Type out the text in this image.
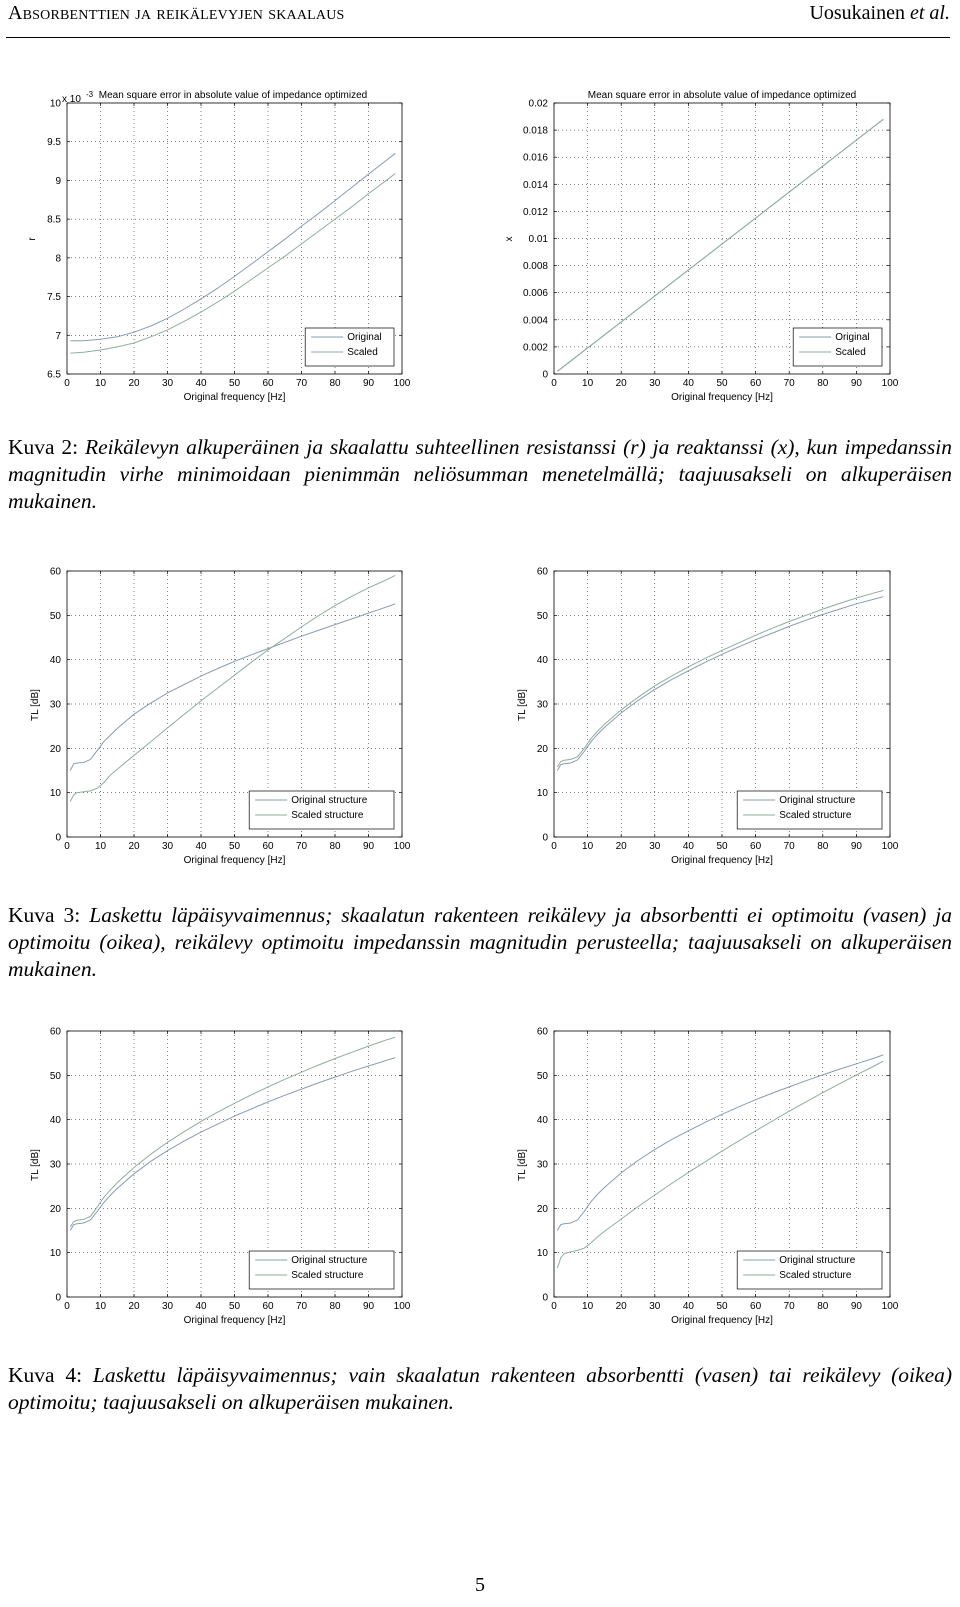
Absorbenttien ja reikälevyjen skaalaus	Uosukainen et al.
0	10 20 30 40 50 60 70 80 90 100
6.5
7
7.5
8
8.5
9
9.5
10
Original frequency [Hz]
r
Mean square error in absolute value of impedance optimized
x 10 -3
Original
Scaled
0	10 20 30 40 50 60 70 80 90 100
0
0.002
0.004
0.006
0.008
0.01
0.012
0.014
0.016
0.018
0.02
Original frequency [Hz]
x
Mean square error in absolute value of impedance optimized
Original
Scaled
Kuva 2: Reikälevyn alkuperäinen ja skaalattu suhteellinen resistanssi (r) ja reaktanssi (x), kun impedanssin magnitudin virhe minimoidaan pienimmän neliösumman menetelmällä; taajuusakseli on alkuperäisen mukainen.
0	10 20 30 40 50 60 70 80 90 100
0
10
20
30
40
50
60
Original frequency [Hz]
TL [dB]
Original structure
Scaled structure
0	10 20 30 40 50 60 70 80 90 100
0
10
20
30
40
50
60
Original frequency [Hz]
TL [dB]
Original structure
Scaled structure
Kuva 3: Laskettu läpäisyvaimennus; skaalatun rakenteen reikälevy ja absorbentti ei optimoitu (vasen) ja optimoitu (oikea), reikälevy optimoitu impedanssin magnitudin perusteella; taajuusakseli on alkuperäisen mukainen.
0	10 20 30 40 50 60 70 80 90 100
0
10
20
30
40
50
60
Original frequency [Hz]
TL [dB]
Original structure
Scaled structure
0	10 20 30 40 50 60 70 80 90 100
0
10
20
30
40
50
60
Original frequency [Hz]
TL [dB]
Original structure
Scaled structure
Kuva 4: Laskettu läpäisyvaimennus; vain skaalatun rakenteen absorbentti (vasen) tai reikälevy (oikea) optimoitu; taajuusakseli on alkuperäisen mukainen.
5
